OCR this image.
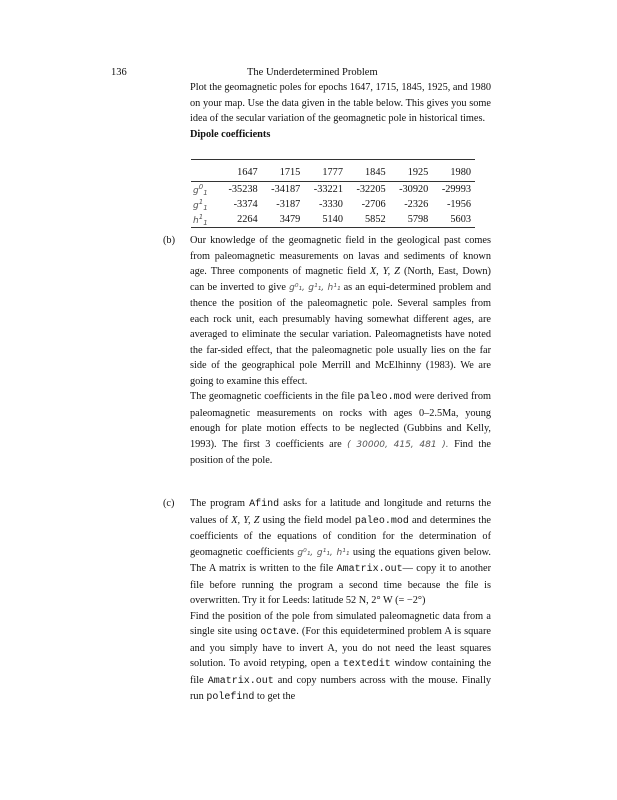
136	The Underdetermined Problem

Plot the geomagnetic poles for epochs 1647, 1715, 1845, 1925, and 1980 on your map. Use the data given in the table below. This gives you some idea of the secular variation of the geomagnetic pole in historical times.

Dipole coefficients

	1647	1715	1777	1845	1925	1980
$g^0_1$	-35238	-34187	-33221	-32205	-30920	-29993
$g^1_1$	-3374	-3187	-3330	-2706	-2326	-1956
$h^1_1$	2264	3479	5140	5852	5798	5603
(b) Our knowledge of the geomagnetic field in the geological past comes from paleomagnetic measurements on lavas and sediments of known age. Three components of magnetic field X, Y, Z (North, East, Down) can be inverted to give g⁰₁, g¹₁, h¹₁ as an equi-determined problem and thence the position of the paleomagnetic pole. Several samples from each rock unit, each presumably having somewhat different ages, are averaged to eliminate the secular variation. Paleomagnetists have noted the far-sided effect, that the paleomagnetic pole usually lies on the far side of the geographical pole Merrill and McElhinny (1983). We are going to examine this effect.

The geomagnetic coefficients in the file paleo.mod were derived from paleomagnetic measurements on rocks with ages 0–2.5Ma, young enough for plate motion effects to be neglected (Gubbins and Kelly, 1993). The first 3 coefficients are ( 30000, 415, 481 ). Find the position of the pole.

(c) The program Afind asks for a latitude and longitude and returns the values of X, Y, Z using the field model paleo.mod and determines the coefficients of the equations of condition for the determination of geomagnetic coefficients g⁰₁, g¹₁, h¹₁ using the equations given below. The A matrix is written to the file Amatrix.out— copy it to another file before running the program a second time because the file is overwritten. Try it for Leeds: latitude 52 N, 2° W (= −2°)

Find the position of the pole from simulated paleomagnetic data from a single site using octave. (For this equidetermined problem A is square and you simply have to invert A, you do not need the least squares solution. To avoid retyping, open a textedit window containing the file Amatrix.out and copy numbers across with the mouse. Finally run polefind to get the
